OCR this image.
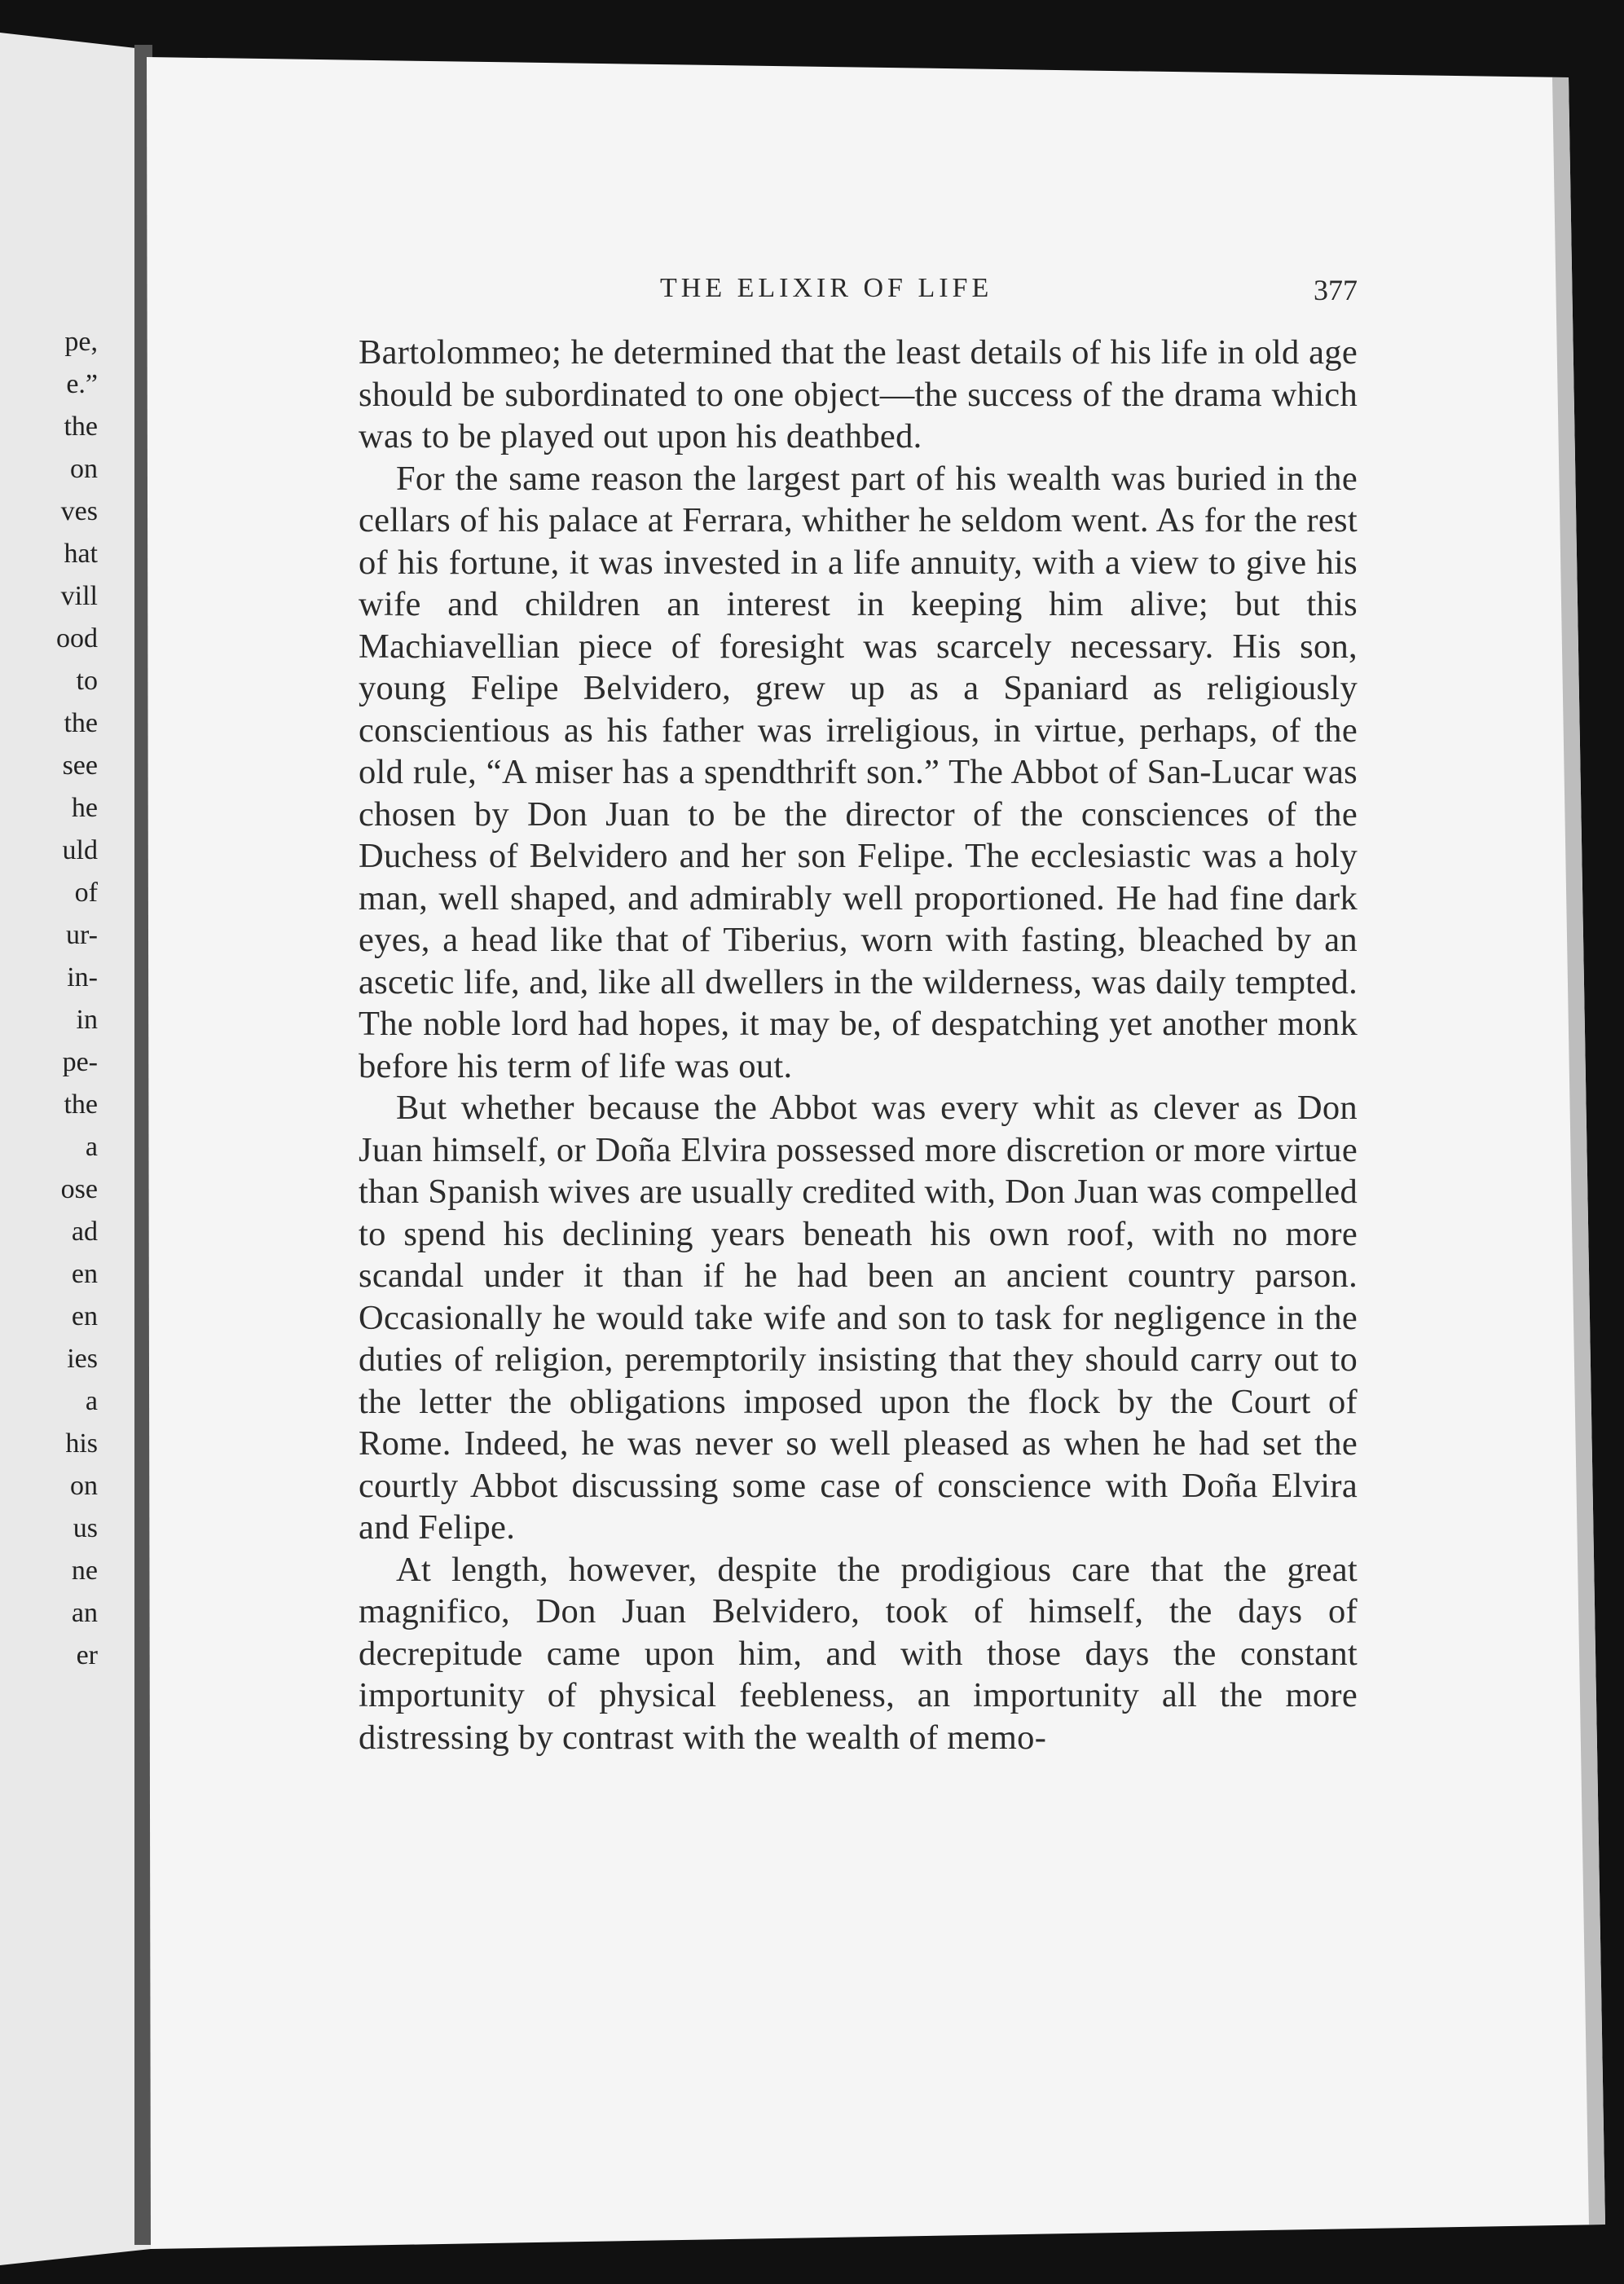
pe,
e.”
the
on
ves
hat
vill
ood
to
the
see
he
uld
of
ur-
in-
in
pe-
the
a
ose
ad
en
en
ies
a
his
on
us
ne
an
er
THE ELIXIR OF LIFE	377

Bartolommeo; he determined that the least details of his life in old age should be subordinated to one object—the success of the drama which was to be played out upon his deathbed.

For the same reason the largest part of his wealth was buried in the cellars of his palace at Ferrara, whither he seldom went. As for the rest of his fortune, it was invested in a life annuity, with a view to give his wife and children an interest in keeping him alive; but this Machiavellian piece of foresight was scarcely necessary. His son, young Felipe Belvidero, grew up as a Spaniard as religiously conscientious as his father was irreligious, in virtue, perhaps, of the old rule, “A miser has a spendthrift son.” The Abbot of San-Lucar was chosen by Don Juan to be the director of the consciences of the Duchess of Belvidero and her son Felipe. The ecclesiastic was a holy man, well shaped, and admirably well proportioned. He had fine dark eyes, a head like that of Tiberius, worn with fasting, bleached by an ascetic life, and, like all dwellers in the wilderness, was daily tempted. The noble lord had hopes, it may be, of despatching yet another monk before his term of life was out.

But whether because the Abbot was every whit as clever as Don Juan himself, or Doña Elvira possessed more discretion or more virtue than Spanish wives are usually credited with, Don Juan was compelled to spend his declining years beneath his own roof, with no more scandal under it than if he had been an ancient country parson. Occasionally he would take wife and son to task for negligence in the duties of religion, peremptorily insisting that they should carry out to the letter the obligations imposed upon the flock by the Court of Rome. Indeed, he was never so well pleased as when he had set the courtly Abbot discussing some case of conscience with Doña Elvira and Felipe.

At length, however, despite the prodigious care that the great magnifico, Don Juan Belvidero, took of himself, the days of decrepitude came upon him, and with those days the constant importunity of physical feebleness, an importunity all the more distressing by contrast with the wealth of memo-
